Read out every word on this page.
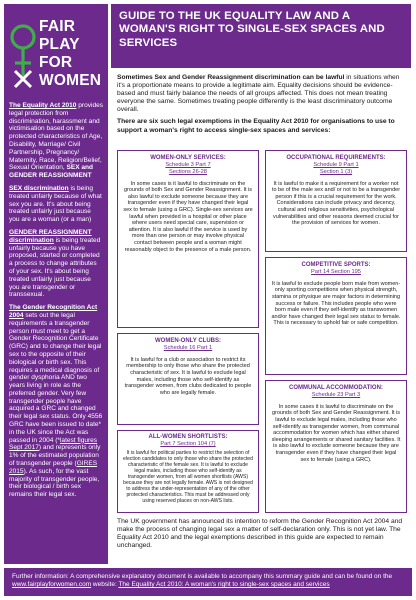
FAIR
PLAY
FOR
WOMEN

The Equality Act 2010 provides legal protection from discrimination, harassment and victimisation based on the protected characteristics of Age, Disability, Marriage/ Civil Partnership, Pregnancy/ Maternity, Race, Religion/Belief, Sexual Orientation, SEX and GENDER REASSIGNMENT

SEX discrimination is being treated unfairly because of what sex you are. It's about being treated unfairly just because you are a woman (or a man)

GENDER REASSIGNMENT discrimination is being treated unfairly because you have proposed, started or completed a process to change attributes of your sex. It's about being treated unfairly just because you are transgender or transsexual.

The Gender Recognition Act 2004 sets out the legal requirements a transgender person must meet to get a Gender Recognition Certificate (GRC) and to change their legal sex to the opposite of their biological or birth sex. This requires a medical diagnosis of gender dysphoria AND two years living in role as the preferred gender. Very few transgender people have acquired a GRC and changed their legal sex status. Only 4556 GRC have been issued to date* in the UK since the Act was passed in 2004 (*latest figures Sept 2017) and represents only 1% of the estimated population of transgender people (GIRES 2015). As such, for the vast majority of transgender people, their biological / birth sex remains their legal sex.

GUIDE TO THE UK EQUALITY LAW AND A WOMAN'S RIGHT TO SINGLE-SEX SPACES AND SERVICES

Sometimes Sex and Gender Reassignment discrimination can be lawful in situations when it's a proportionate means to provide a legitimate aim. Equality decisions should be evidence-based and must fairly balance the needs of all groups affected. This does not mean treating everyone the same. Sometimes treating people differently is the least discriminatory outcome overall.

There are six such legal exemptions in the Equality Act 2010 for organisations to use to support a woman's right to access single-sex spaces and services:

WOMEN-ONLY SERVICES:
Schedule 3 Part 7
Sections 26-28
In some cases is it lawful to discriminate on the grounds of both Sex and Gender Reassignment. It is also lawful to exclude someone because they are transgender even if they have changed their legal sex to female (using a GRC). Single-sex services are lawful when provided in a hospital or other place where users need special care, supervision or attention. It is also lawful if the service is used by more than one person or may involve physical contact between people and a woman might reasonably object to the presence of a male person.
OCCUPATIONAL REQUIREMENTS:
Schedule 9 Part 1
Section 1 (3)
It is lawful to make it a requirement for a worker not to be of the male sex and/ or not to be a transgender person if this is a crucial requirement for the work. Considerations can include privacy and decency, cultural and religious sensitivities, psychological vulnerabilities and other reasons deemed crucial for the provision of services for women.
COMPETITIVE SPORTS:
Part 14 Section 195
It is lawful to exclude people born male from women-only sporting competitions when physical strength, stamina or physique are major factors in determining success or failure. This includes people who were born male even if they self-identify as transwomen and/or have changed their legal sex status to female. This is necessary to uphold fair or safe competition.
WOMEN-ONLY CLUBS:
Schedule 16 Part 1
It is lawful for a club or association to restrict its membership to only those who share the protected characteristic of sex. It is lawful to exclude legal males, including those who self-identify as transgender women, from clubs dedicated to people who are legally female.
COMMUNAL ACCOMMODATION:
Schedule 23 Part 3
In some cases it is lawful to discriminate on the grounds of both Sex and Gender Reassignment. It is lawful to exclude legal males, including those who self-identify as transgender women, from communal accommodation for women which has either shared sleeping arrangements or shared sanitary facilities. It is also lawful to exclude someone because they are transgender even if they have changed their legal sex to female (using a GRC).
ALL-WOMEN SHORTLISTS:
Part 7 Section 104 (7)
It is lawful for political parties to restrict the selection of election candidates to only those who share the protected characteristic of the female sex. It is lawful to exclude legal males, including those who self-identify as transgender women, from all women shortlists (AWS) because they are not legally female. AWS is not designed to address the under-representation of any of the other protected characteristics. This must be addressed only using reserved places on non-AWS lists.

The UK government has announced its intention to reform the Gender Recognition Act 2004 and make the process of changing legal sex a matter of self-declaration only. This is not yet law. The Equality Act 2010 and the legal exemptions described in this guide are expected to remain unchanged.

Further information: A comprehensive explanatory document is available to accompany this summary guide and can be found on the www.fairplayforwomen.com website: The Equality Act 2010: A woman's right to single-sex spaces and services
